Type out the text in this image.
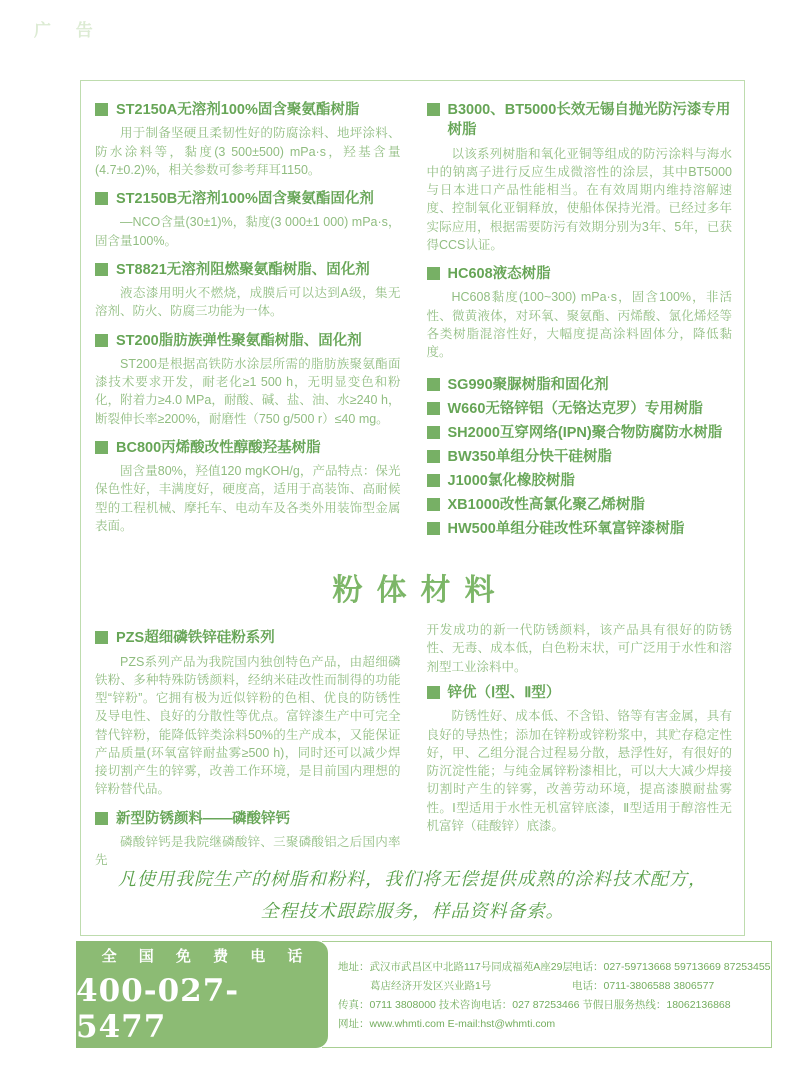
广 告
ST2150A无溶剂100%固含聚氨酯树脂

用于制备坚硬且柔韧性好的防腐涂料、地坪涂料、防水涂料等，黏度(3 500±500) mPa·s，羟基含量(4.7±0.2)%，相关参数可参考拜耳1150。

ST2150B无溶剂100%固含聚氨酯固化剂

—NCO含量(30±1)%，黏度(3 000±1 000) mPa·s，固含量100%。

ST8821无溶剂阻燃聚氨酯树脂、固化剂

液态漆用明火不燃烧，成膜后可以达到A级，集无溶剂、防火、防腐三功能为一体。

ST200脂肪族弹性聚氨酯树脂、固化剂

ST200是根据高铁防水涂层所需的脂肪族聚氨酯面漆技术要求开发，耐老化≥1 500 h，无明显变色和粉化，附着力≥4.0 MPa，耐酸、碱、盐、油、水≥240 h，断裂伸长率≥200%，耐磨性（750 g/500 r）≤40 mg。

BC800丙烯酸改性醇酸羟基树脂

固含量80%，羟值120 mgKOH/g，产品特点：保光保色性好，丰满度好，硬度高，适用于高装饰、高耐候型的工程机械、摩托车、电动车及各类外用装饰型金属表面。

B3000、BT5000长效无锡自抛光防污漆专用树脂

以该系列树脂和氧化亚铜等组成的防污涂料与海水中的钠离子进行反应生成微溶性的涂层，其中BT5000与日本进口产品性能相当。在有效周期内维持溶解速度、控制氧化亚铜释放，使船体保持光滑。已经过多年实际应用，根据需要防污有效期分别为3年、5年，已获得CCS认证。

HC608液态树脂

HC608黏度(100~300) mPa·s，固含100%，非活性、微黄液体，对环氧、聚氨酯、丙烯酸、氯化烯烃等各类树脂混溶性好，大幅度提高涂料固体分，降低黏度。

SG990聚脲树脂和固化剂
W660无铬锌铝（无铬达克罗）专用树脂
SH2000互穿网络(IPN)聚合物防腐防水树脂
BW350单组分快干硅树脂
J1000氯化橡胶树脂
XB1000改性高氯化聚乙烯树脂
HW500单组分硅改性环氧富锌漆树脂
粉体材料
PZS超细磷铁锌硅粉系列

PZS系列产品为我院国内独创特色产品，由超细磷铁粉、多种特殊防锈颜料，经纳米硅改性而制得的功能型“锌粉”。它拥有极为近似锌粉的色相、优良的防锈性及导电性、良好的分散性等优点。富锌漆生产中可完全替代锌粉，能降低锌类涂料50%的生产成本，又能保证产品质量(环氧富锌耐盐雾≥500 h)，同时还可以减少焊接切割产生的锌雾，改善工作环境，是目前国内理想的锌粉替代品。

新型防锈颜料——磷酸锌钙

磷酸锌钙是我院继磷酸锌、三聚磷酸铝之后国内率先

开发成功的新一代防锈颜料，该产品具有很好的防锈性、无毒、成本低，白色粉末状，可广泛用于水性和溶剂型工业涂料中。

锌优（Ⅰ型、Ⅱ型）

防锈性好、成本低、不含铅、铬等有害金属，具有良好的导热性；添加在锌粉或锌粉浆中，其贮存稳定性好，甲、乙组分混合过程易分散，悬浮性好，有很好的防沉淀性能；与纯金属锌粉漆相比，可以大大减少焊接切割时产生的锌雾，改善劳动环境，提高漆膜耐盐雾性。Ⅰ型适用于水性无机富锌底漆，Ⅱ型适用于醇溶性无机富锌（硅酸锌）底漆。

凡使用我院生产的树脂和粉料，我们将无偿提供成熟的涂料技术配方，
全程技术跟踪服务，样品资料备索。
全 国 免 费 电 话
400-027-5477
地址：武汉市武昌区中北路117号同成福苑A座29层 电话：027-59713668 59713669 87253455
葛店经济开发区兴业路1号	电话：0711-3806588 3806577
传真：0711 3808000 技术咨询电话：027 87253466 节假日服务热线：18062136868
网址：www.whmti.com E-mail:hst@whmti.com
